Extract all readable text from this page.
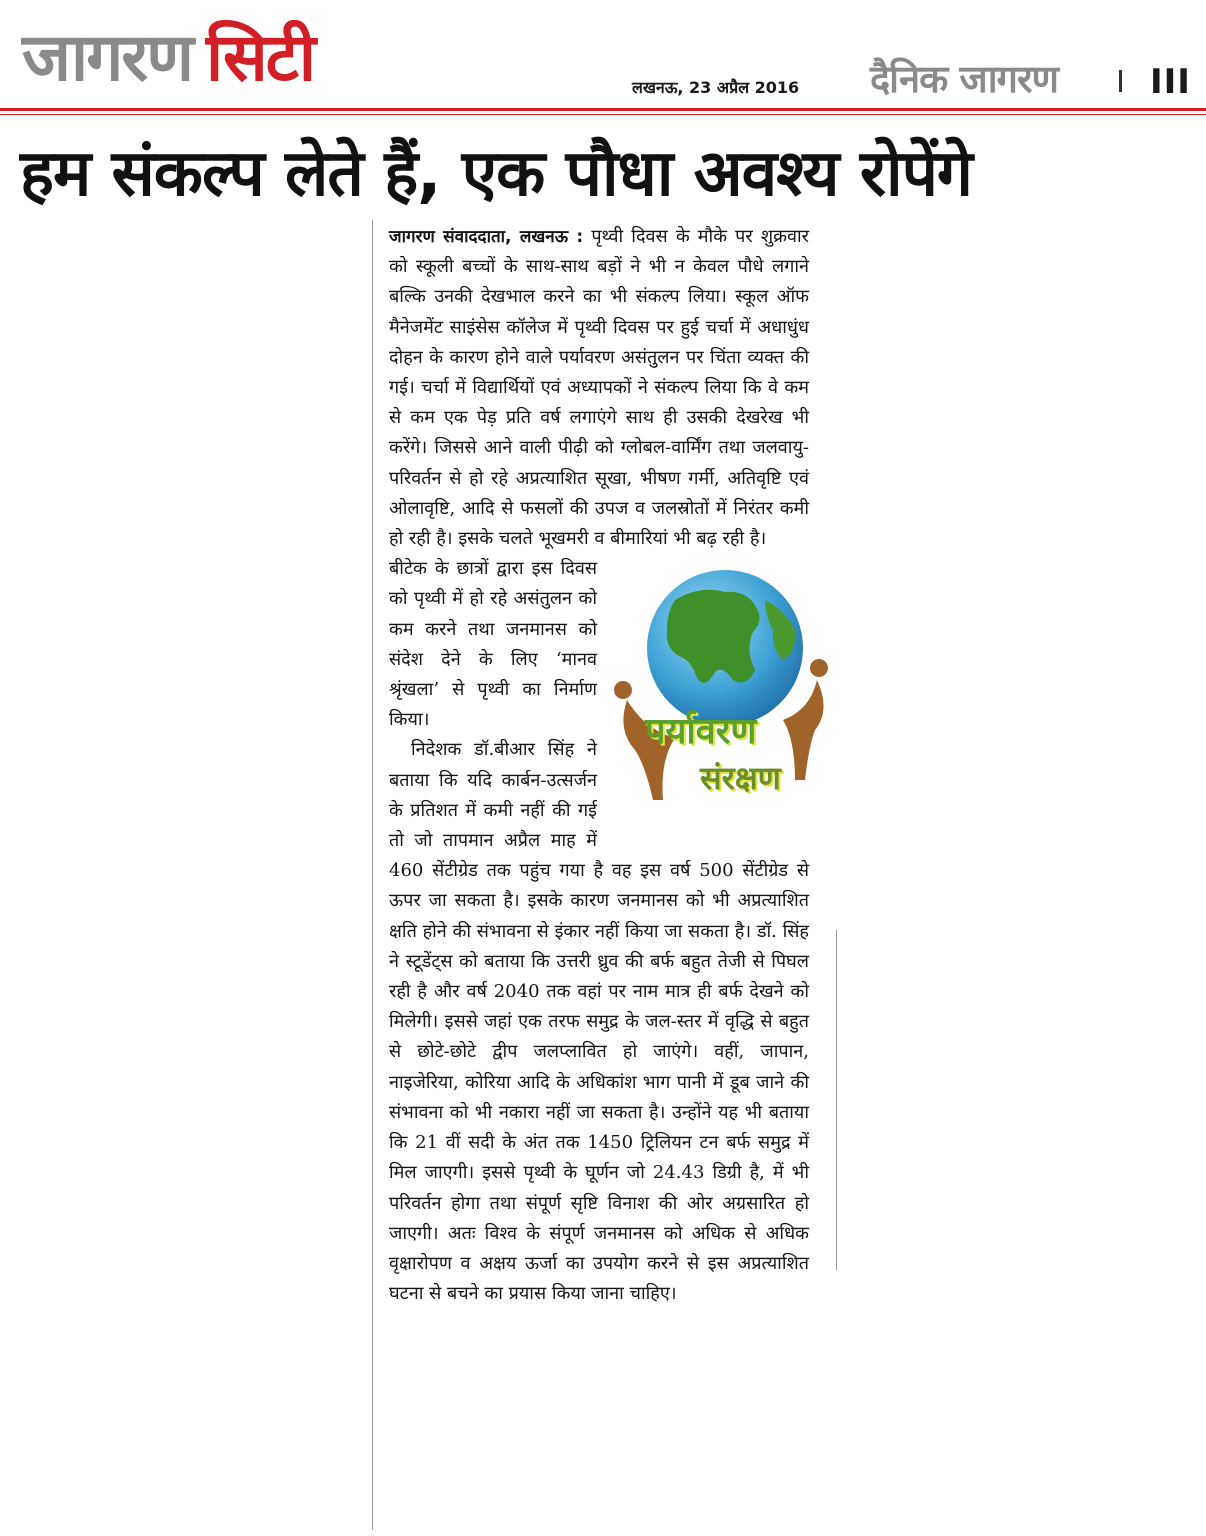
जागरण सिटी	लखनऊ, 23 अप्रैल 2016 दैनिक जागरण	III
हम संकल्प लेते हैं, एक पौधा अवश्य रोपेंगे

जागरण संवाददाता, लखनऊ : पृथ्वी दिवस के मौके पर शुक्रवार को स्कूली बच्चों के साथ-साथ बड़ों ने भी न केवल पौधे लगाने बल्कि उनकी देखभाल करने का भी संकल्प लिया। स्कूल ऑफ मैनेजमेंट साइंसेस कॉलेज में पृथ्वी दिवस पर हुई चर्चा में अधाधुंध दोहन के कारण होने वाले पर्यावरण असंतुलन पर चिंता व्यक्त की गई। चर्चा में विद्यार्थियों एवं अध्यापकों ने संकल्प लिया कि वे कम से कम एक पेड़ प्रति वर्ष लगाएंगे साथ ही उसकी देखरेख भी करेंगे। जिससे आने वाली पीढ़ी को ग्लोबल-वार्मिंग तथा जलवायु-परिवर्तन से हो रहे अप्रत्याशित सूखा, भीषण गर्मी, अतिवृष्टि एवं ओलावृष्टि, आदि से फसलों की उपज व जलस्रोतों में निरंतर कमी हो रही है। इसके चलते भूखमरी व बीमारियां भी बढ़ रही है।

पर्यावरण
संरक्षण

बीटेक के छात्रों द्वारा इस दिवस को पृथ्वी में हो रहे असंतुलन को कम करने तथा जनमानस को संदेश देने के लिए ‘मानव श्रृंखला’ से पृथ्वी का निर्माण किया।

निदेशक डॉ.बीआर सिंह ने बताया कि यदि कार्बन-उत्सर्जन के प्रतिशत में कमी नहीं की गई तो जो तापमान अप्रैल माह में 460 सेंटीग्रेड तक पहुंच गया है वह इस वर्ष 500 सेंटीग्रेड से ऊपर जा सकता है। इसके कारण जनमानस को भी अप्रत्याशित क्षति होने की संभावना से इंकार नहीं किया जा सकता है। डॉ. सिंह ने स्टूडेंट्स को बताया कि उत्तरी ध्रुव की बर्फ बहुत तेजी से पिघल रही है और वर्ष 2040 तक वहां पर नाम मात्र ही बर्फ देखने को मिलेगी। इससे जहां एक तरफ समुद्र के जल-स्तर में वृद्धि से बहुत से छोटे-छोटे द्वीप जलप्लावित हो जाएंगे। वहीं, जापान, नाइजेरिया, कोरिया आदि के अधिकांश भाग पानी में डूब जाने की संभावना को भी नकारा नहीं जा सकता है। उन्होंने यह भी बताया कि 21 वीं सदी के अंत तक 1450 ट्रिलियन टन बर्फ समुद्र में मिल जाएगी। इससे पृथ्वी के घूर्णन जो 24.43 डिग्री है, में भी परिवर्तन होगा तथा संपूर्ण सृष्टि विनाश की ओर अग्रसारित हो जाएगी। अतः विश्व के संपूर्ण जनमानस को अधिक से अधिक वृक्षारोपण व अक्षय ऊर्जा का उपयोग करने से इस अप्रत्याशित घटना से बचने का प्रयास किया जाना चाहिए।
